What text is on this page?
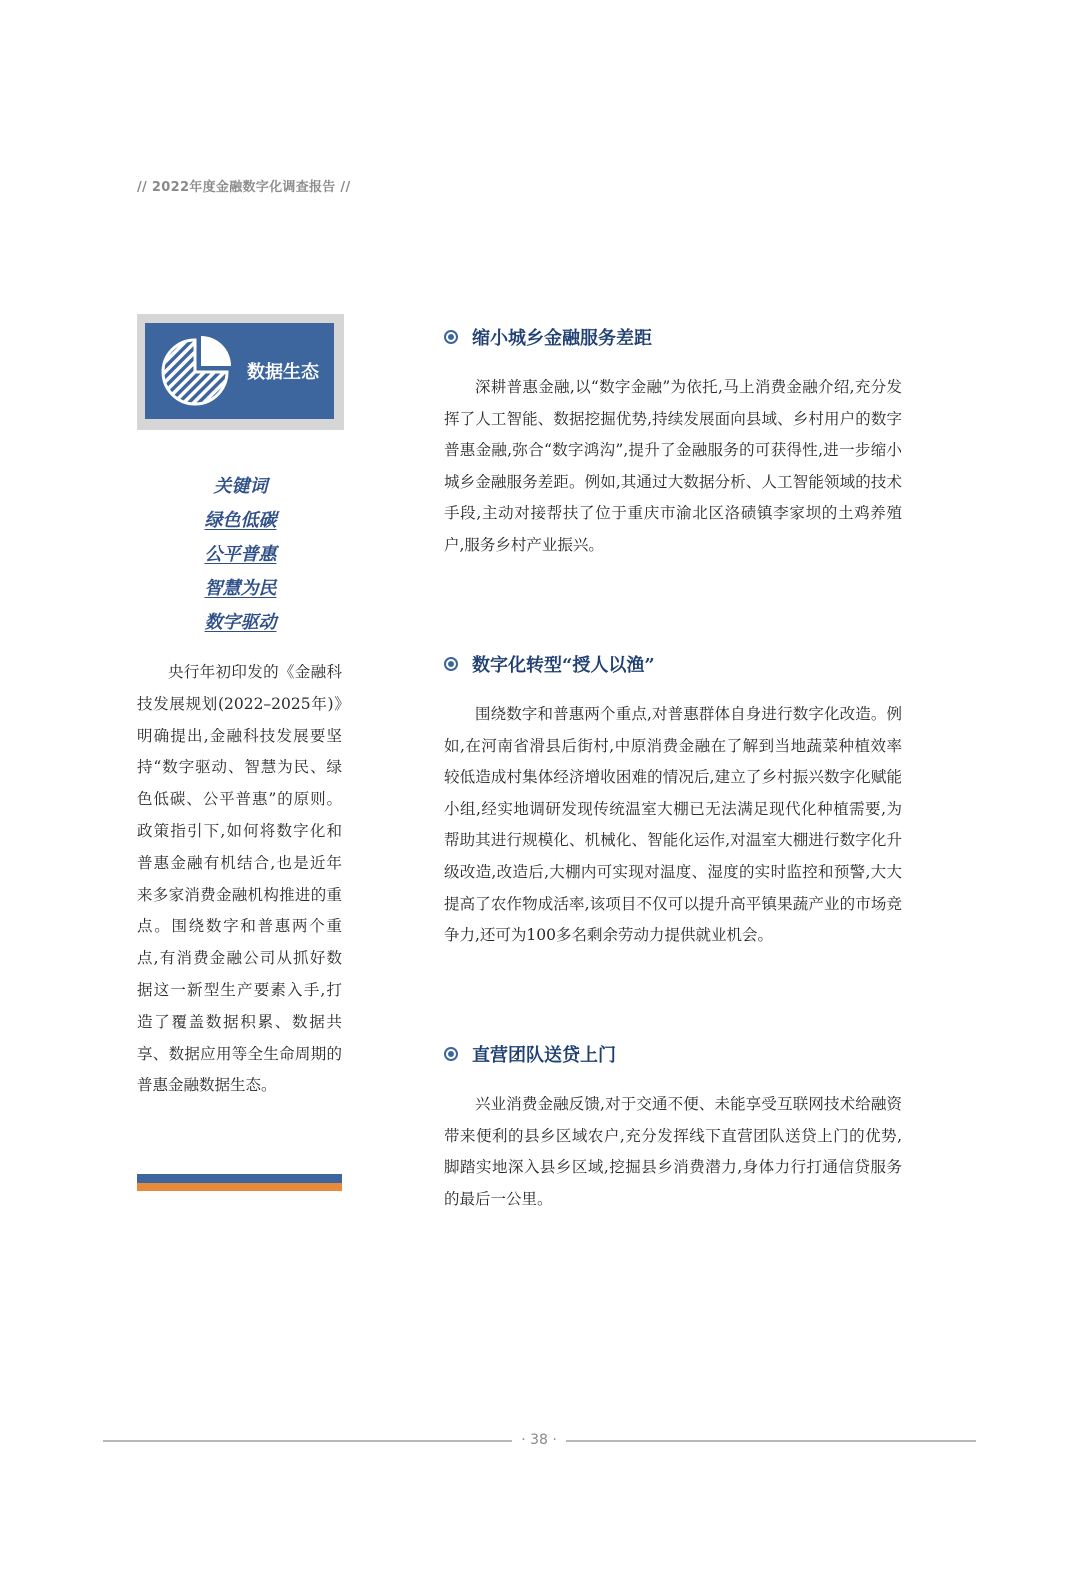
// 2022年度金融数字化调查报告 //
数据生态
关键词
绿色低碳
公平普惠
智慧为民
数字驱动

央行年初印发的《金融科技发展规划(2022–2025年)》明确提出,金融科技发展要坚持“数字驱动、智慧为民、绿色低碳、公平普惠”的原则。政策指引下,如何将数字化和普惠金融有机结合,也是近年来多家消费金融机构推进的重点。围绕数字和普惠两个重点,有消费金融公司从抓好数据这一新型生产要素入手,打造了覆盖数据积累、数据共享、数据应用等全生命周期的普惠金融数据生态。

缩小城乡金融服务差距

深耕普惠金融,以“数字金融”为依托,马上消费金融介绍,充分发挥了人工智能、数据挖掘优势,持续发展面向县域、乡村用户的数字普惠金融,弥合“数字鸿沟”,提升了金融服务的可获得性,进一步缩小城乡金融服务差距。例如,其通过大数据分析、人工智能领域的技术手段,主动对接帮扶了位于重庆市渝北区洛碛镇李家坝的土鸡养殖户,服务乡村产业振兴。

数字化转型“授人以渔”

围绕数字和普惠两个重点,对普惠群体自身进行数字化改造。例如,在河南省滑县后街村,中原消费金融在了解到当地蔬菜种植效率较低造成村集体经济增收困难的情况后,建立了乡村振兴数字化赋能小组,经实地调研发现传统温室大棚已无法满足现代化种植需要,为帮助其进行规模化、机械化、智能化运作,对温室大棚进行数字化升级改造,改造后,大棚内可实现对温度、湿度的实时监控和预警,大大提高了农作物成活率,该项目不仅可以提升高平镇果蔬产业的市场竞争力,还可为100多名剩余劳动力提供就业机会。

直营团队送贷上门

兴业消费金融反馈,对于交通不便、未能享受互联网技术给融资带来便利的县乡区域农户,充分发挥线下直营团队送贷上门的优势,脚踏实地深入县乡区域,挖掘县乡消费潜力,身体力行打通信贷服务的最后一公里。

· 38 ·
